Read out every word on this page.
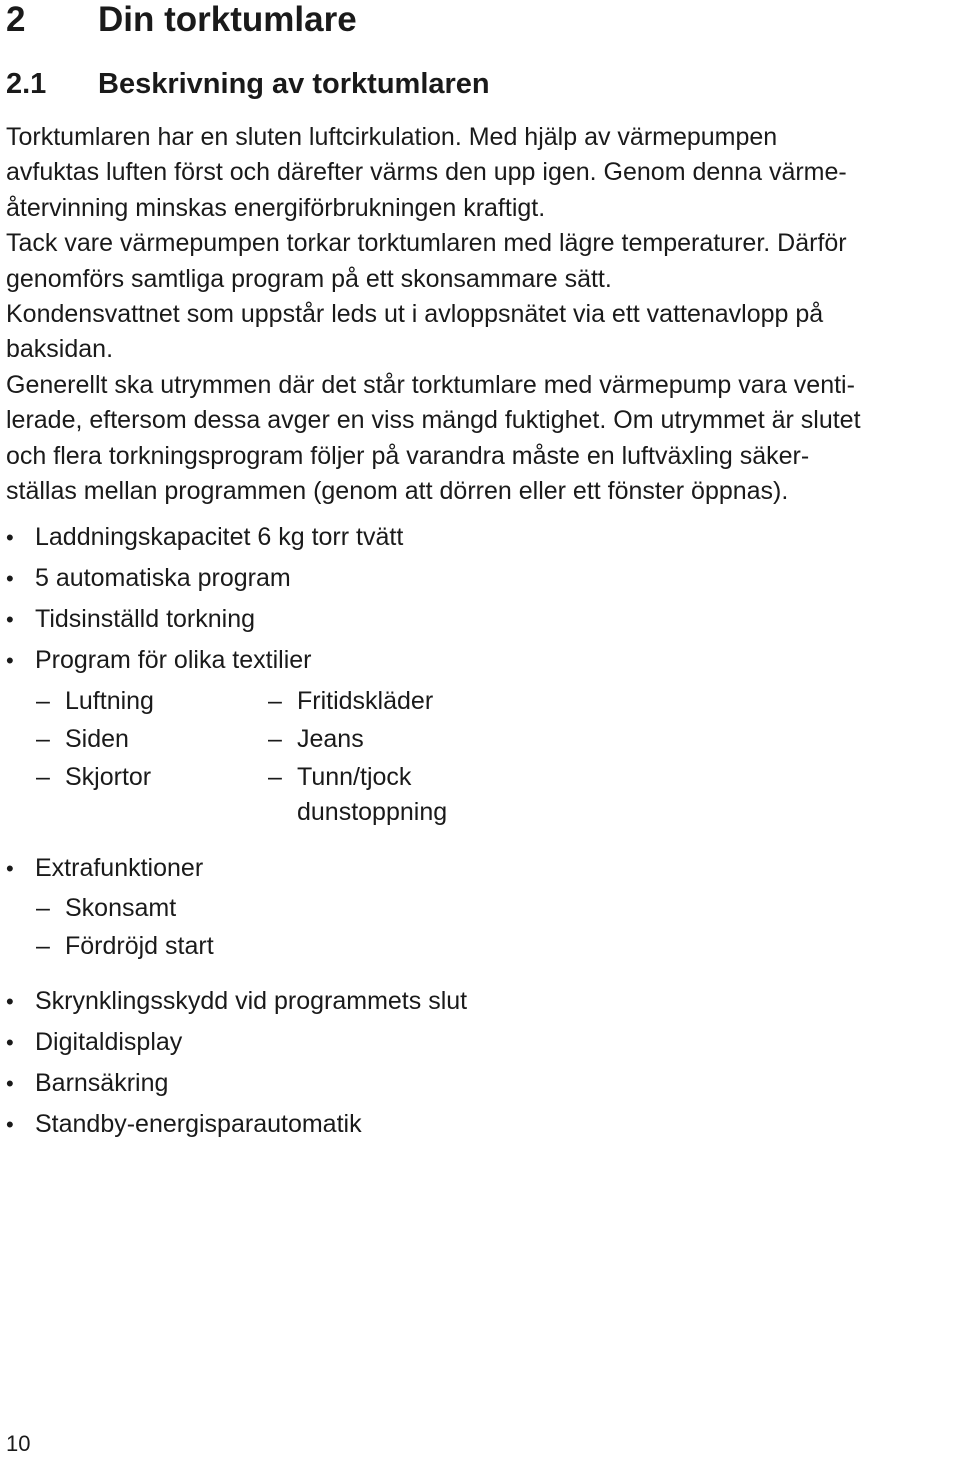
2 Din torktumlare
2.1 Beskrivning av torktumlaren
Torktumlaren har en sluten luftcirkulation. Med hjälp av värmepumpen
avfuktas luften först och därefter värms den upp igen. Genom denna värme-
återvinning minskas energiförbrukningen kraftigt.
Tack vare värmepumpen torkar torktumlaren med lägre temperaturer. Därför
genomförs samtliga program på ett skonsammare sätt.
Kondensvattnet som uppstår leds ut i avloppsnätet via ett vattenavlopp på
baksidan.
Generellt ska utrymmen där det står torktumlare med värmepump vara venti-
lerade, eftersom dessa avger en viss mängd fuktighet. Om utrymmet är slutet
och flera torkningsprogram följer på varandra måste en luftväxling säker-
ställas mellan programmen (genom att dörren eller ett fönster öppnas).
• Laddningskapacitet 6 kg torr tvätt
• 5 automatiska program
• Tidsinställd torkning
• Program för olika textilier
– Luftning	– Fritidskläder
– Siden	– Jeans
– Skjortor	– Tunn/tjock
dunstoppning
• Extrafunktioner
– Skonsamt
– Fördröjd start
• Skrynklingsskydd vid programmets slut
• Digitaldisplay
• Barnsäkring
• Standby-energisparautomatik
10
